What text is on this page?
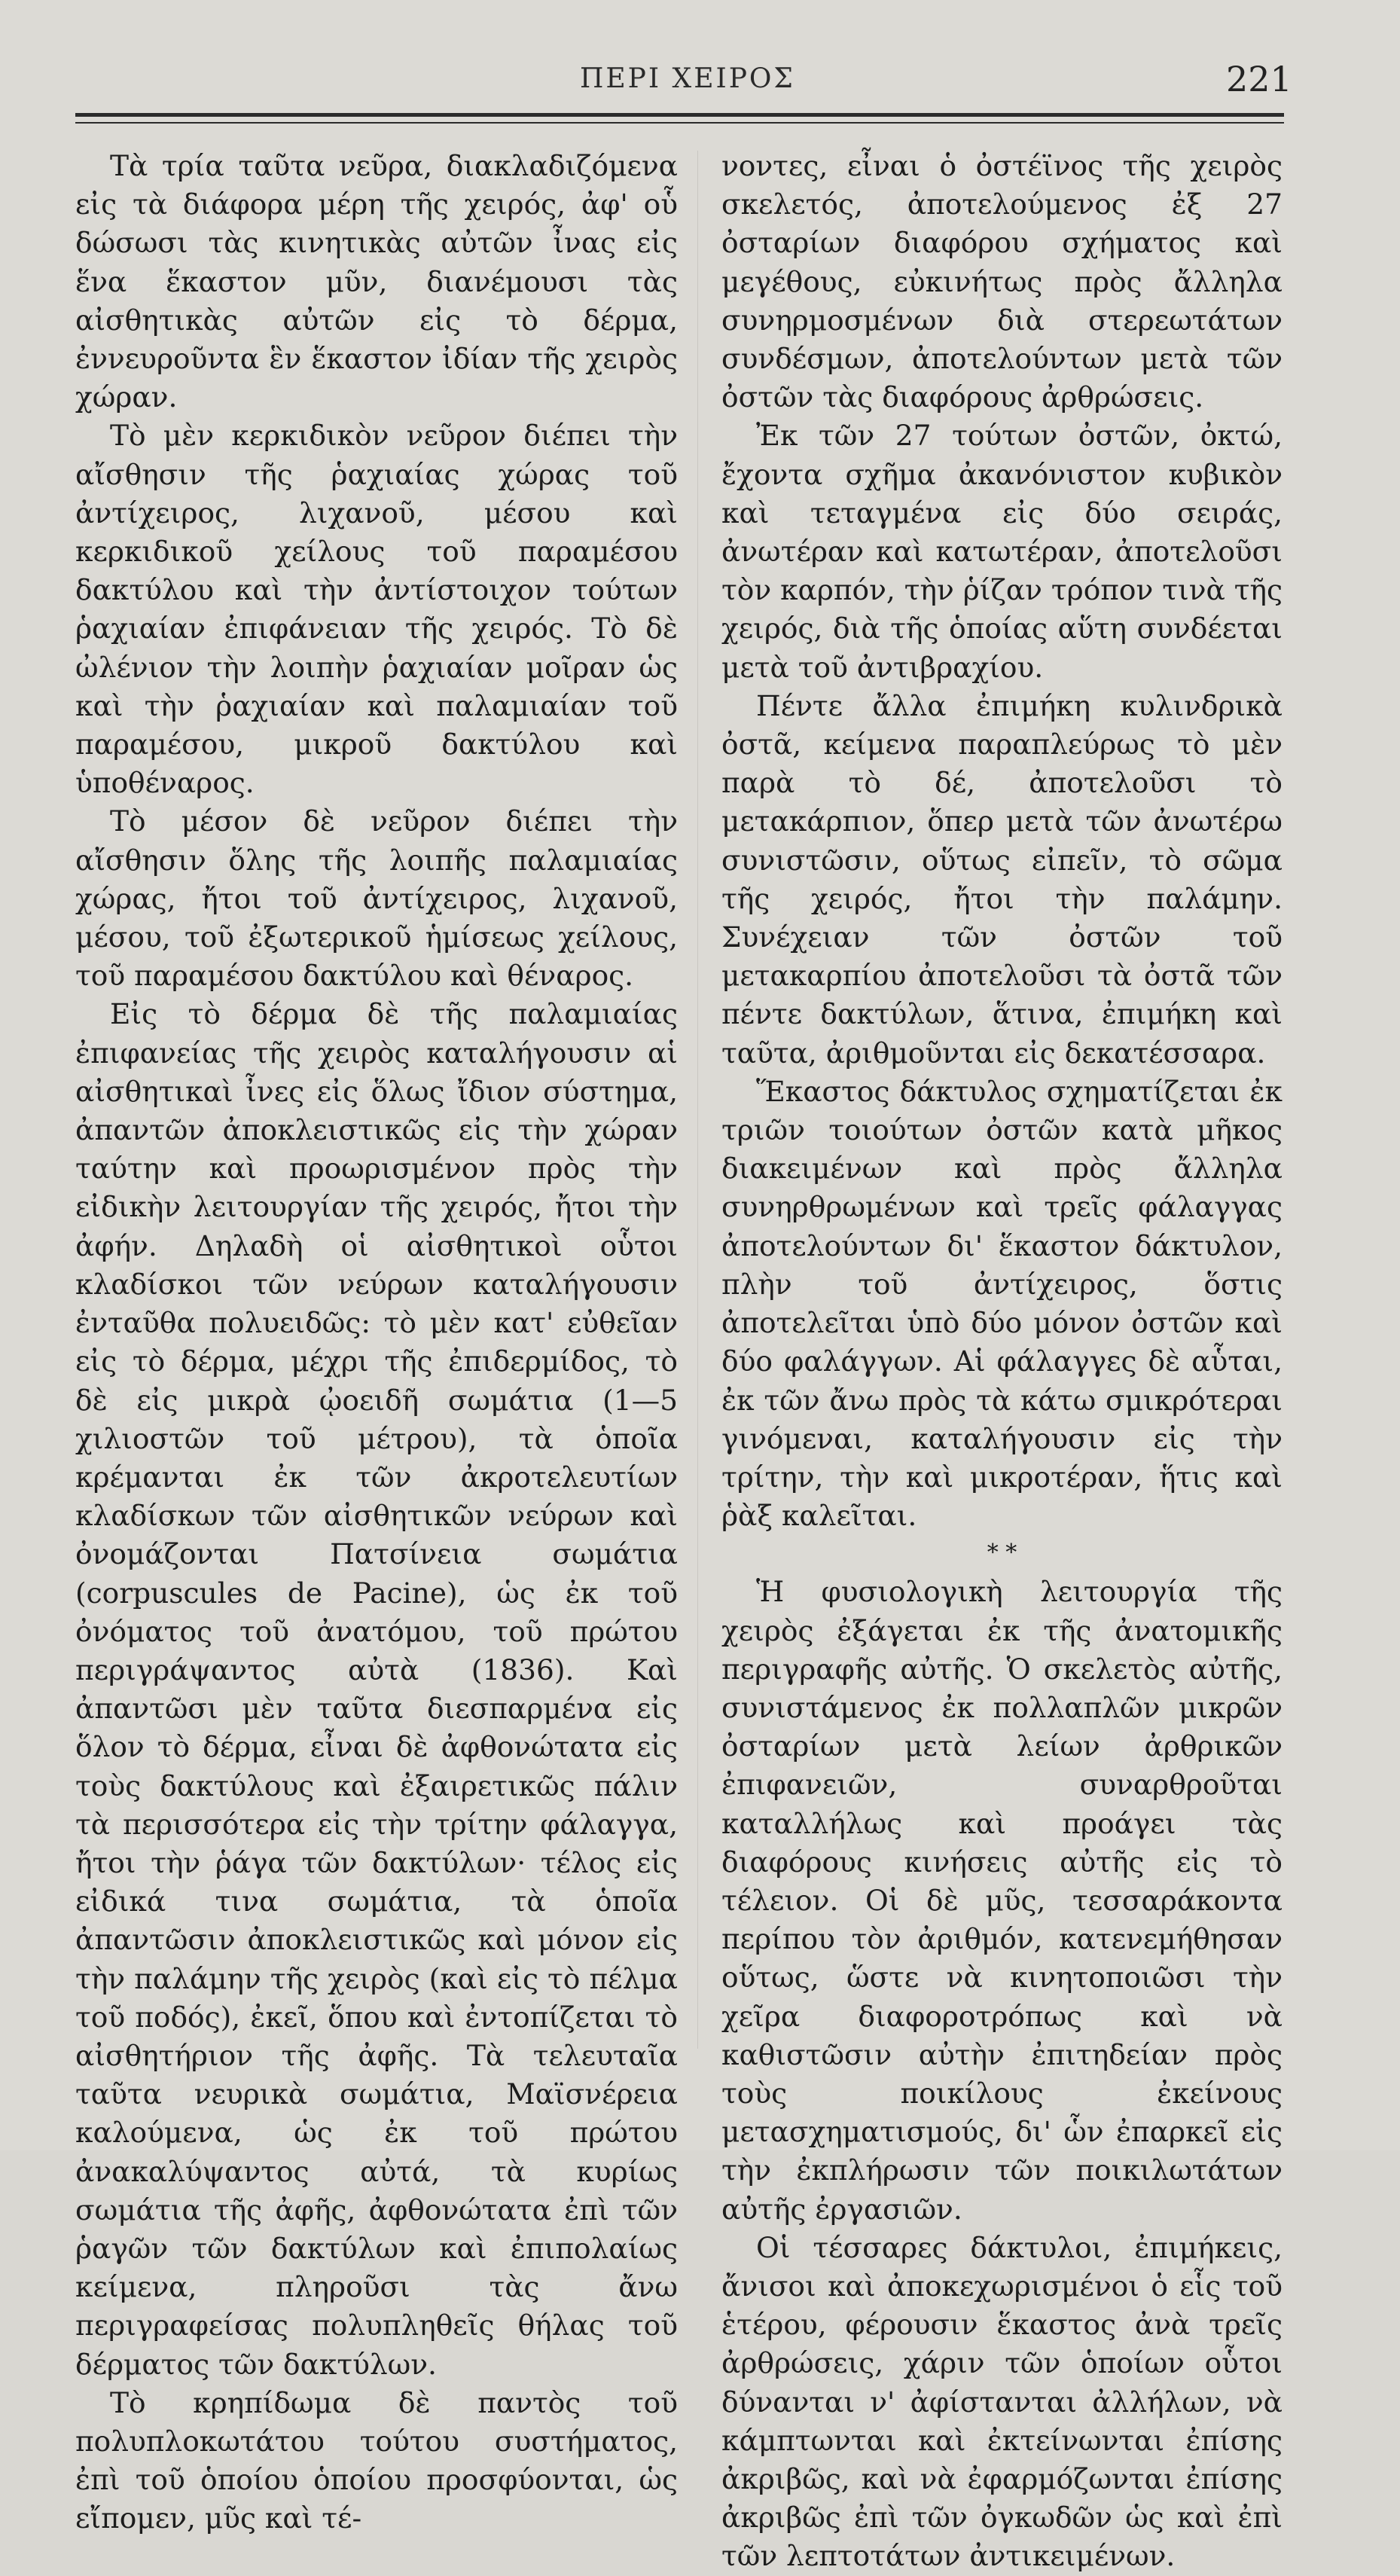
ΠΕΡΙ ΧΕΙΡΟΣ	221

Τὰ τρία ταῦτα νεῦρα, διακλαδιζόμενα εἰς τὰ διάφορα μέρη τῆς χειρός, ἀφ' οὗ δώσωσι τὰς κινητικὰς αὐτῶν ἶνας εἰς ἕνα ἕκαστον μῦν, διανέμουσι τὰς αἰσθητικὰς αὐτῶν εἰς τὸ δέρμα, ἐννευροῦντα ἓν ἕκαστον ἰδίαν τῆς χειρὸς χώραν.

Τὸ μὲν κερκιδικὸν νεῦρον διέπει τὴν αἴσθησιν τῆς ῥαχιαίας χώρας τοῦ ἀντίχειρος, λιχανοῦ, μέσου καὶ κερκιδικοῦ χείλους τοῦ παραμέσου δακτύλου καὶ τὴν ἀντίστοιχον τούτων ῥαχιαίαν ἐπιφάνειαν τῆς χειρός. Τὸ δὲ ὠλένιον τὴν λοιπὴν ῥαχιαίαν μοῖραν ὡς καὶ τὴν ῥαχιαίαν καὶ παλαμιαίαν τοῦ παραμέσου, μικροῦ δακτύλου καὶ ὑποθέναρος.

Τὸ μέσον δὲ νεῦρον διέπει τὴν αἴσθησιν ὅλης τῆς λοιπῆς παλαμιαίας χώρας, ἤτοι τοῦ ἀντίχειρος, λιχανοῦ, μέσου, τοῦ ἐξωτερικοῦ ἡμίσεως χείλους, τοῦ παραμέσου δακτύλου καὶ θέναρος.

Εἰς τὸ δέρμα δὲ τῆς παλαμιαίας ἐπιφανείας τῆς χειρὸς καταλήγουσιν αἱ αἰσθητικαὶ ἶνες εἰς ὅλως ἴδιον σύστημα, ἀπαντῶν ἀποκλειστικῶς εἰς τὴν χώραν ταύτην καὶ προωρισμένον πρὸς τὴν εἰδικὴν λειτουργίαν τῆς χειρός, ἤτοι τὴν ἀφήν. Δηλαδὴ οἱ αἰσθητικοὶ οὗτοι κλαδίσκοι τῶν νεύρων καταλήγουσιν ἐνταῦθα πολυειδῶς: τὸ μὲν κατ' εὐθεῖαν εἰς τὸ δέρμα, μέχρι τῆς ἐπιδερμίδος, τὸ δὲ εἰς μικρὰ ᾠοειδῆ σωμάτια (1—5 χιλιοστῶν τοῦ μέτρου), τὰ ὁποῖα κρέμανται ἐκ τῶν ἀκροτελευτίων κλαδίσκων τῶν αἰσθητικῶν νεύρων καὶ ὀνομάζονται Πατσίνεια σωμάτια (corpuscules de Pacine), ὡς ἐκ τοῦ ὀνόματος τοῦ ἀνατόμου, τοῦ πρώτου περιγράψαντος αὐτὰ (1836). Καὶ ἀπαντῶσι μὲν ταῦτα διεσπαρμένα εἰς ὅλον τὸ δέρμα, εἶναι δὲ ἀφθονώτατα εἰς τοὺς δακτύλους καὶ ἐξαιρετικῶς πάλιν τὰ περισσότερα εἰς τὴν τρίτην φάλαγγα, ἤτοι τὴν ῥάγα τῶν δακτύλων· τέλος εἰς εἰδικά τινα σωμάτια, τὰ ὁποῖα ἀπαντῶσιν ἀποκλειστικῶς καὶ μόνον εἰς τὴν παλάμην τῆς χειρὸς (καὶ εἰς τὸ πέλμα τοῦ ποδός), ἐκεῖ, ὅπου καὶ ἐντοπίζεται τὸ αἰσθητήριον τῆς ἀφῆς. Τὰ τελευταῖα ταῦτα νευρικὰ σωμάτια, Μαϊσνέρεια καλούμενα, ὡς ἐκ τοῦ πρώτου ἀνακαλύψαντος αὐτά, τὰ κυρίως σωμάτια τῆς ἀφῆς, ἀφθονώτατα ἐπὶ τῶν ῥαγῶν τῶν δακτύλων καὶ ἐπιπολαίως κείμενα, πληροῦσι τὰς ἄνω περιγραφείσας πολυπληθεῖς θήλας τοῦ δέρματος τῶν δακτύλων.

Τὸ κρηπίδωμα δὲ παντὸς τοῦ πολυπλοκωτάτου τούτου συστήματος, ἐπὶ τοῦ ὁποίου ὁποίου προσφύονται, ὡς εἴπομεν, μῦς καὶ τέ-

νοντες, εἶναι ὁ ὀστέϊνος τῆς χειρὸς σκελετός, ἀποτελούμενος ἐξ 27 ὀσταρίων διαφόρου σχήματος καὶ μεγέθους, εὐκινήτως πρὸς ἄλληλα συνηρμοσμένων διὰ στερεωτάτων συνδέσμων, ἀποτελούντων μετὰ τῶν ὀστῶν τὰς διαφόρους ἀρθρώσεις.

Ἐκ τῶν 27 τούτων ὀστῶν, ὀκτώ, ἔχοντα σχῆμα ἀκανόνιστον κυβικὸν καὶ τεταγμένα εἰς δύο σειράς, ἀνωτέραν καὶ κατωτέραν, ἀποτελοῦσι τὸν καρπόν, τὴν ῥίζαν τρόπον τινὰ τῆς χειρός, διὰ τῆς ὁποίας αὕτη συνδέεται μετὰ τοῦ ἀντιβραχίου.

Πέντε ἄλλα ἐπιμήκη κυλινδρικὰ ὀστᾶ, κείμενα παραπλεύρως τὸ μὲν παρὰ τὸ δέ, ἀποτελοῦσι τὸ μετακάρπιον, ὅπερ μετὰ τῶν ἀνωτέρω συνιστῶσιν, οὕτως εἰπεῖν, τὸ σῶμα τῆς χειρός, ἤτοι τὴν παλάμην. Συνέχειαν τῶν ὀστῶν τοῦ μετακαρπίου ἀποτελοῦσι τὰ ὀστᾶ τῶν πέντε δακτύλων, ἅτινα, ἐπιμήκη καὶ ταῦτα, ἀριθμοῦνται εἰς δεκατέσσαρα.

Ἕκαστος δάκτυλος σχηματίζεται ἐκ τριῶν τοιούτων ὀστῶν κατὰ μῆκος διακειμένων καὶ πρὸς ἄλληλα συνηρθρωμένων καὶ τρεῖς φάλαγγας ἀποτελούντων δι' ἕκαστον δάκτυλον, πλὴν τοῦ ἀντίχειρος, ὅστις ἀποτελεῖται ὑπὸ δύο μόνον ὀστῶν καὶ δύο φαλάγγων. Αἱ φάλαγγες δὲ αὗται, ἐκ τῶν ἄνω πρὸς τὰ κάτω σμικρότεραι γινόμεναι, καταλήγουσιν εἰς τὴν τρίτην, τὴν καὶ μικροτέραν, ἥτις καὶ ῥὰξ καλεῖται.

* *

Ἡ φυσιολογικὴ λειτουργία τῆς χειρὸς ἐξάγεται ἐκ τῆς ἀνατομικῆς περιγραφῆς αὐτῆς. Ὁ σκελετὸς αὐτῆς, συνιστάμενος ἐκ πολλαπλῶν μικρῶν ὀσταρίων μετὰ λείων ἀρθρικῶν ἐπιφανειῶν, συναρθροῦται καταλλήλως καὶ προάγει τὰς διαφόρους κινήσεις αὐτῆς εἰς τὸ τέλειον. Οἱ δὲ μῦς, τεσσαράκοντα περίπου τὸν ἀριθμόν, κατενεμήθησαν οὕτως, ὥστε νὰ κινητοποιῶσι τὴν χεῖρα διαφοροτρόπως καὶ νὰ καθιστῶσιν αὐτὴν ἐπιτηδείαν πρὸς τοὺς ποικίλους ἐκείνους μετασχηματισμούς, δι' ὧν ἐπαρκεῖ εἰς τὴν ἐκπλήρωσιν τῶν ποικιλωτάτων αὐτῆς ἐργασιῶν.

Οἱ τέσσαρες δάκτυλοι, ἐπιμήκεις, ἄνισοι καὶ ἀποκεχωρισμένοι ὁ εἷς τοῦ ἑτέρου, φέρουσιν ἕκαστος ἀνὰ τρεῖς ἀρθρώσεις, χάριν τῶν ὁποίων οὗτοι δύνανται ν' ἀφίστανται ἀλλήλων, νὰ κάμπτωνται καὶ ἐκτείνωνται ἐπίσης ἀκριβῶς, καὶ νὰ ἐφαρμόζωνται ἐπίσης ἀκριβῶς ἐπὶ τῶν ὀγκωδῶν ὡς καὶ ἐπὶ τῶν λεπτοτάτων ἀντικειμένων.
